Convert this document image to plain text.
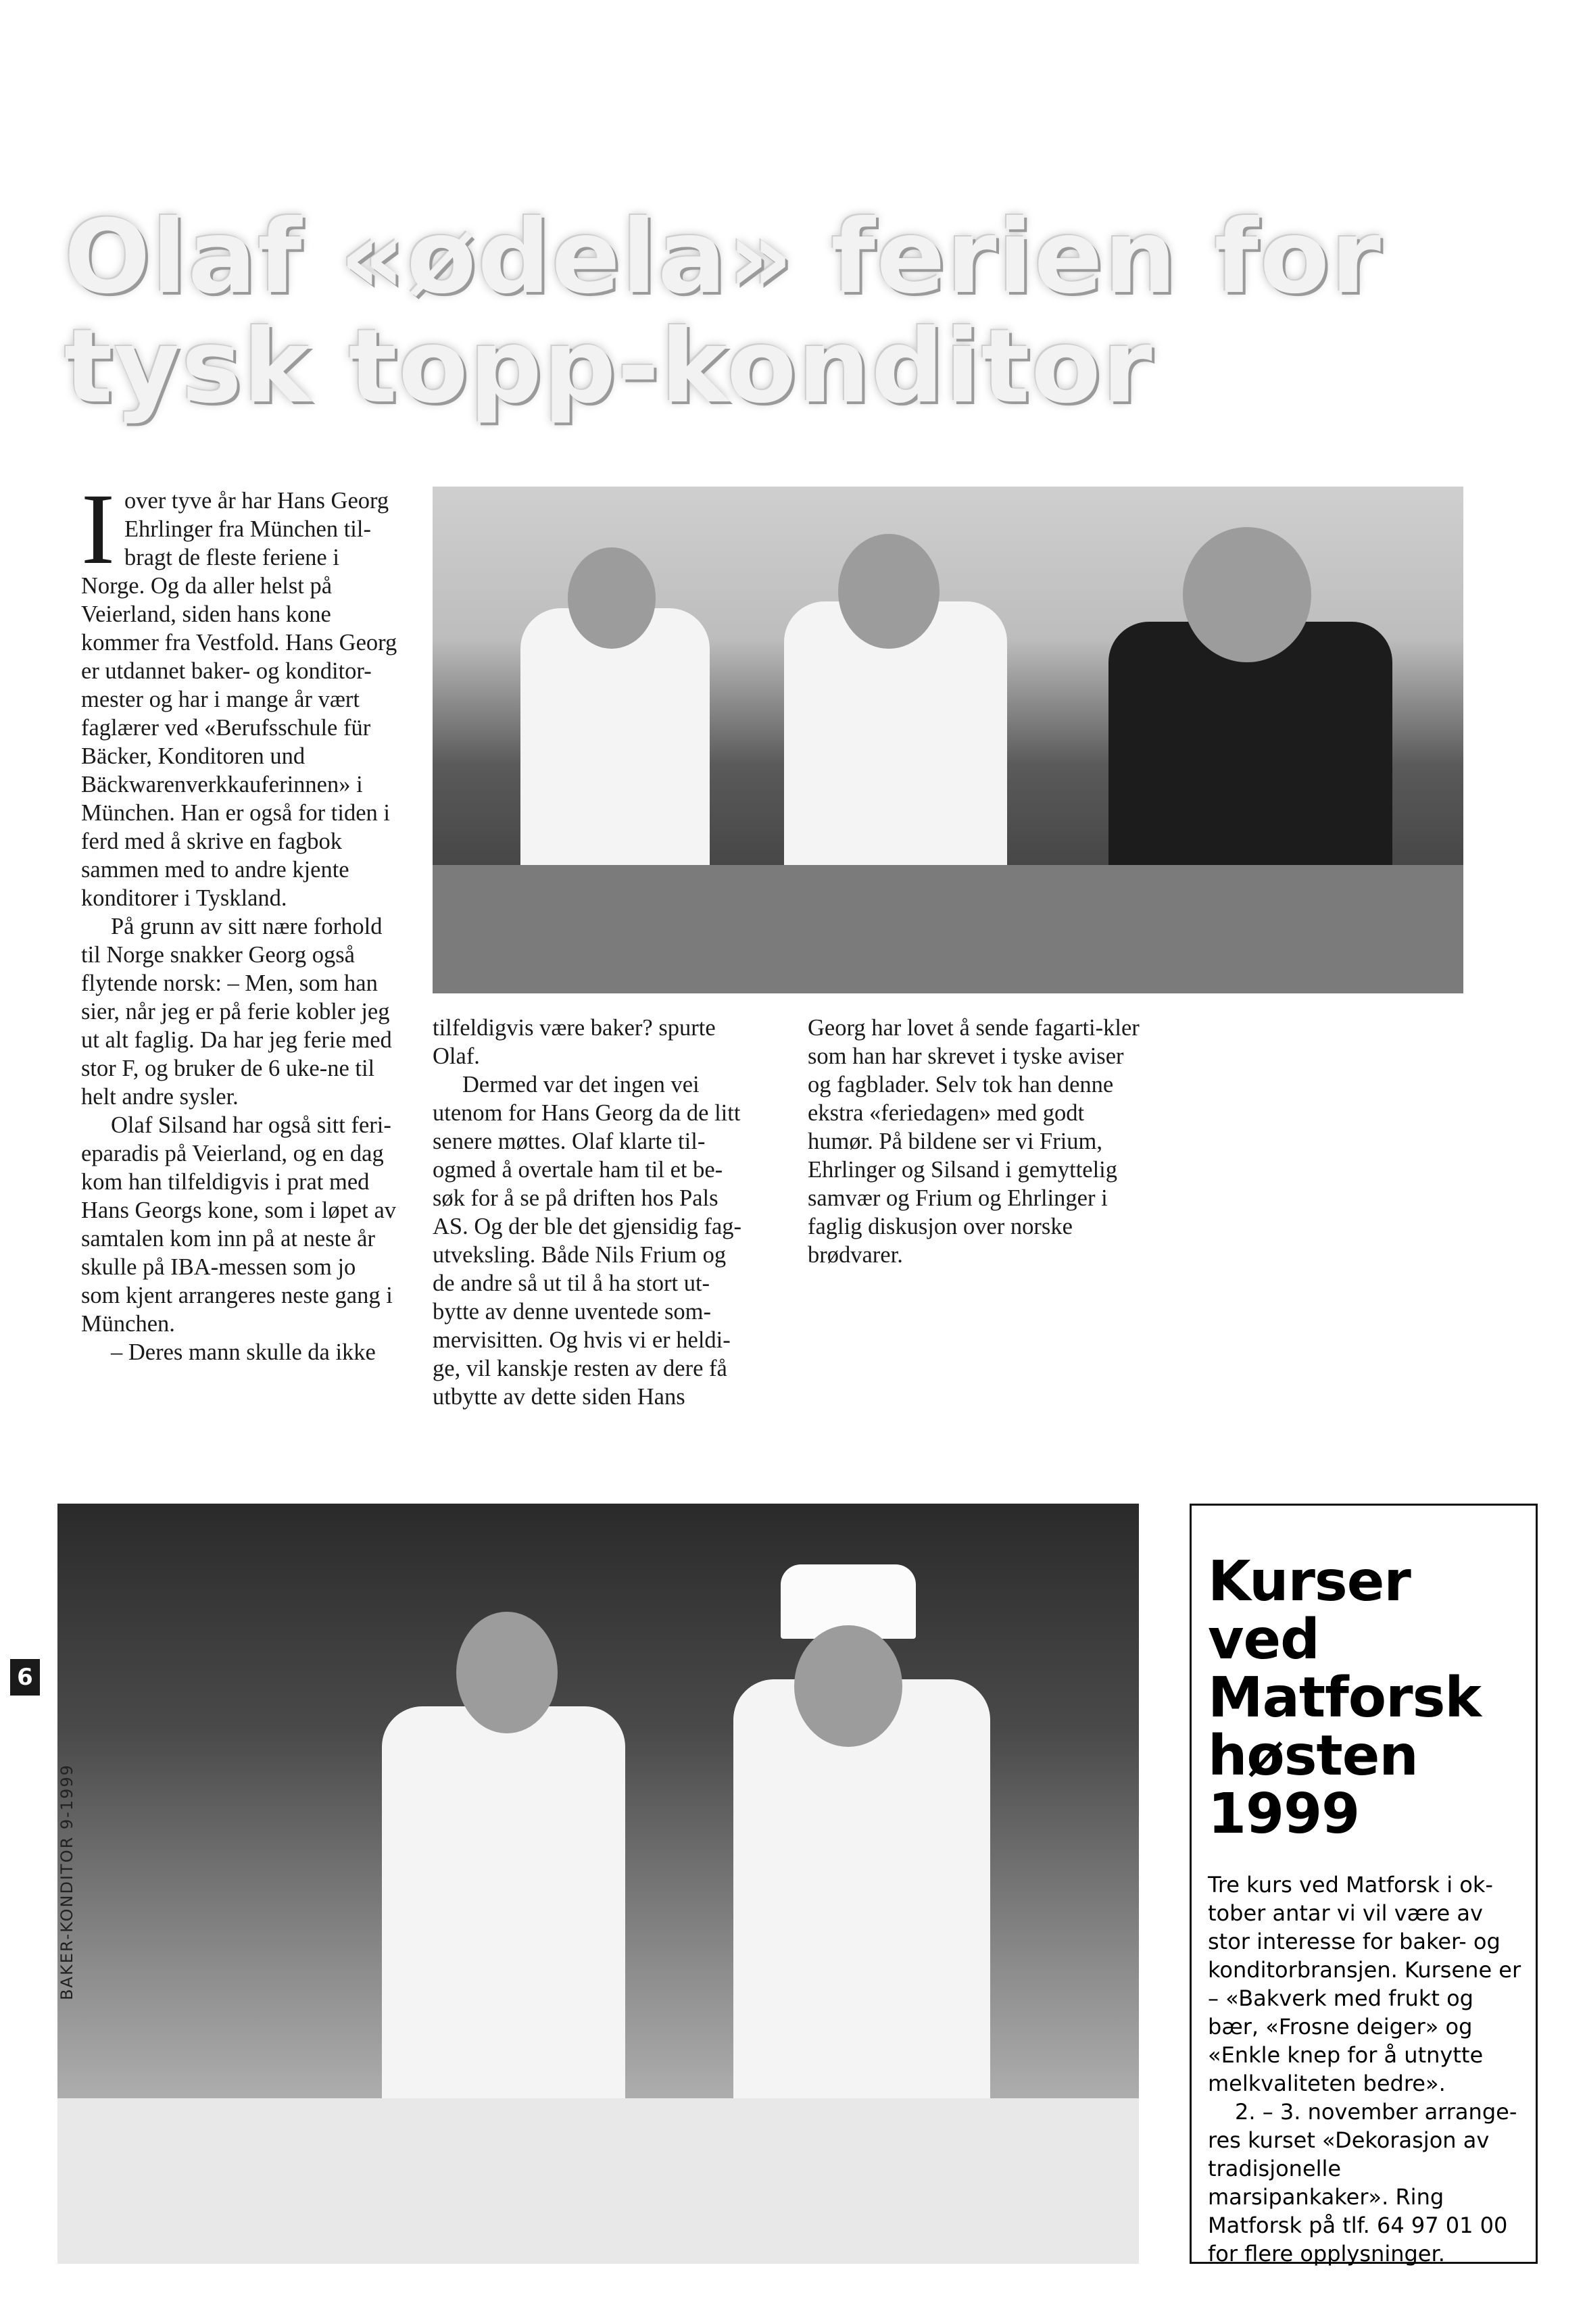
Olaf «ødela» ferien for tysk topp-konditor

I over tyve år har Hans Georg Ehrlinger fra München til-bragt de fleste feriene i Norge. Og da aller helst på Veierland, siden hans kone kommer fra Vestfold. Hans Georg er utdannet baker- og konditor-mester og har i mange år vært faglærer ved «Berufsschule für Bäcker, Konditoren und Bäckwarenverkkauferinnen» i München. Han er også for tiden i ferd med å skrive en fagbok sammen med to andre kjente konditorer i Tyskland.

På grunn av sitt nære forhold til Norge snakker Georg også flytende norsk: – Men, som han sier, når jeg er på ferie kobler jeg ut alt faglig. Da har jeg ferie med stor F, og bruker de 6 uke-ne til helt andre sysler.

Olaf Silsand har også sitt feri-eparadis på Veierland, og en dag kom han tilfeldigvis i prat med Hans Georgs kone, som i løpet av samtalen kom inn på at neste år skulle på IBA-messen som jo som kjent arrangeres neste gang i München.

– Deres mann skulle da ikke

tilfeldigvis være baker? spurte Olaf.

Dermed var det ingen vei utenom for Hans Georg da de litt senere møttes. Olaf klarte til-ogmed å overtale ham til et be-søk for å se på driften hos Pals AS. Og der ble det gjensidig fag-utveksling. Både Nils Frium og de andre så ut til å ha stort ut-bytte av denne uventede som-mervisitten. Og hvis vi er heldi-ge, vil kanskje resten av dere få utbytte av dette siden Hans

Georg har lovet å sende fagarti-kler som han har skrevet i tyske aviser og fagblader. Selv tok han denne ekstra «feriedagen» med godt humør. På bildene ser vi Frium, Ehrlinger og Silsand i gemyttelig samvær og Frium og Ehrlinger i faglig diskusjon over norske brødvarer.

Kurser ved Matforsk høsten 1999

Tre kurs ved Matforsk i ok-tober antar vi vil være av stor interesse for baker- og konditorbransjen. Kursene er – «Bakverk med frukt og bær, «Frosne deiger» og «Enkle knep for å utnytte melkvaliteten bedre».

2. – 3. november arrange-res kurset «Dekorasjon av tradisjonelle marsipankaker». Ring Matforsk på tlf. 64 97 01 00 for flere opplysninger.

6
BAKER-KONDITOR 9-1999
